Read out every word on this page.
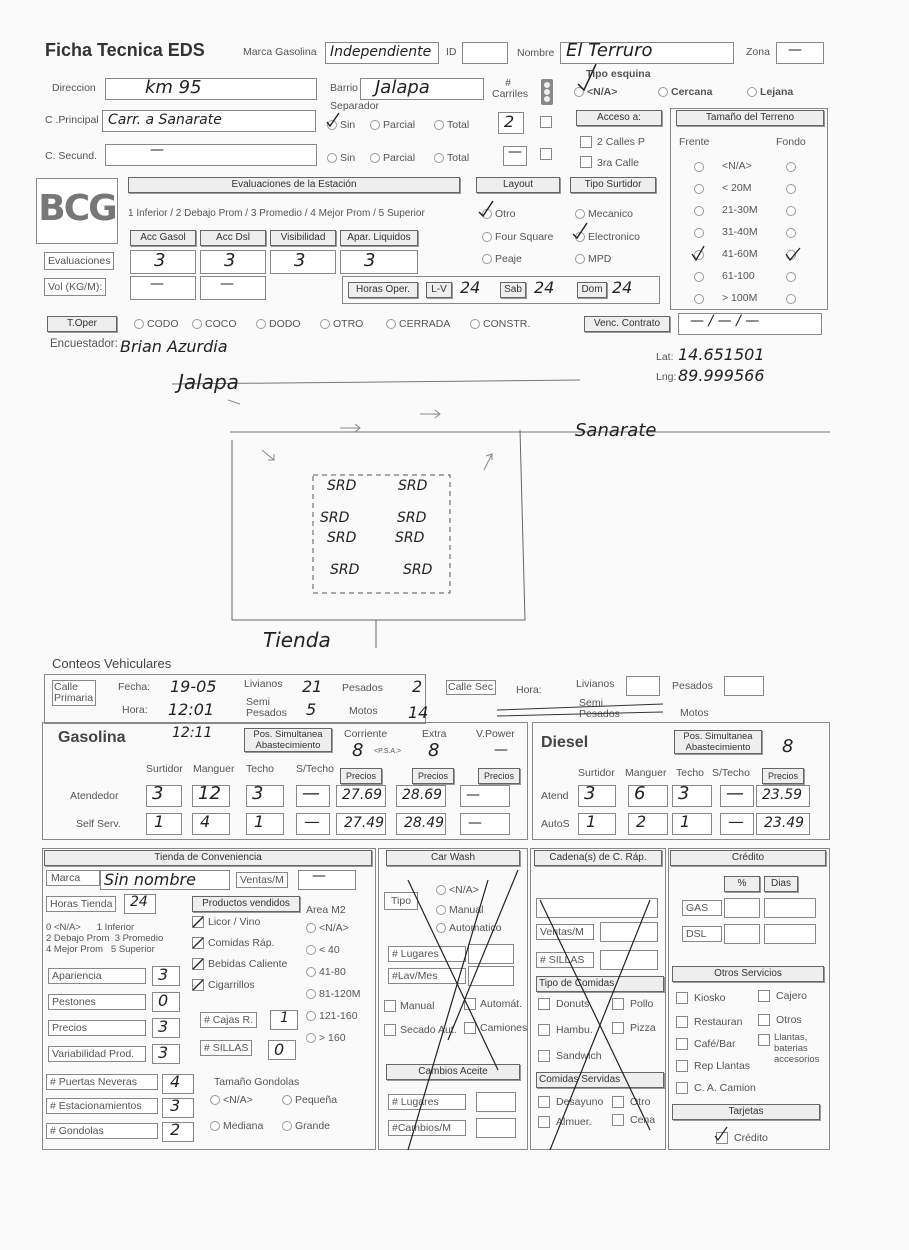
Ficha Tecnica EDS	Marca Gasolina Independiente ID	Nombre El Terruro	Zona —
Direccion	km 95	Barrio Jalapa	# Carriles
Tipo esquina
<N/A>	Cercana	Lejana
Separador
C .Principal Carr. a Sanarate	Sin	Parcial	Total 2
C. Secund.	—	Sin	Parcial	Total	—
Acceso a:
2 Calles P
3ra Calle
Tamaño del Terreno
Frente	Fondo
<N/A>
< 20M
21-30M
31-40M
41-60M
61-100
> 100M
BCG
Evaluaciones de la Estación
1 Inferior / 2 Debajo Prom / 3 Promedio / 4 Mejor Prom / 5 Superior
Acc Gasol	Acc Dsl	Visibilidad	Apar. Liquidos
Evaluaciones
Vol (KG/M):
3	3	3	3
—	—
Layout
Otro
Four Square
Peaje
Tipo Surtidor
Mecanico
Electronico
MPD
Horas Oper.	L-V 24	Sab 24	Dom 24
T.Oper	CODO	COCO	DODO	OTRO	CERRADA	CONSTR.	Venc. Contrato	— / — / —
Encuestador: Brian Azurdia
Lat: 14.651501
Lng: 89.999566
Jalapa
Sanarate
SRD	SRD
SRD	SRD
SRD	SRD
SRD	SRD
Tienda
Conteos Vehiculares
Calle Primaria
Fecha: 19-05
Hora: 12:01
Livianos 21 Pesados 2
Semi Pesados	5	Motos 14
Calle Sec Hora:	Livianos	Pesados
Semi Pesados	Motos
Gasolina	12:11	Pos. Simultanea Abastecimiento
Corriente
8 <P.S.A.>
Extra
8
V.Power
—
Surtidor Manguer Techo S/Techo
Precios	Precios	Precios
Atendedor
Self Serv.
3 12 3 — 27.69 28.69 —
1 4	1 — 27.49 28.49 —
Diesel	Pos. Simultanea Abastecimiento	8
Surtidor Manguer Techo S/Techo	Precios
Atend
AutoS
3 6 3 — 23.59
1 2 1 — 23.49
Tienda de Conveniencia
Marca	Sin nombre	Ventas/M —
Horas Tienda 24	Productos vendidos
Area M2
0 <N/A>      1 Inferior
2 Debajo Prom  3 Promedio
4 Mejor Prom   5 Superior
Licor / Vino
Comidas Ráp.
Bebidas Caliente
Cigarrillos
<N/A>
< 40
41-80
81-120M
121-160
> 160
Apariencia	3
Pestones	0
Precios	3
Variabilidad Prod.	3
# Cajas R. 1
# SILLAS 0
# Puertas Neveras	4
# Estacionamientos	3
# Gondolas	2
Tamaño Gondolas
<N/A>	Pequeña
Mediana	Grande
Car Wash
Tipo
<N/A>
Manual
Automatico
# Lugares
#Lav/Mes
Manual	Automát.
Secado Aut. Camiones
Cambios Aceite
# Lugares
#Cambios/M
Cadena(s) de C. Ráp.
Ventas/M
# SILLAS
Tipo de Comidas
Donuts	Pollo
Hambu.	Pizza
Sandwich
Comidas Servidas
Desayuno	Otro
Almuer.	Cena
Crédito
%	Dias
GAS
DSL
Otros Servicios
Kiosko	Cajero
Restauran	Otros
Café/Bar
Llantas, baterias accesorios
Rep Llantas
C. A. Camion
Tarjetas
Crédito
